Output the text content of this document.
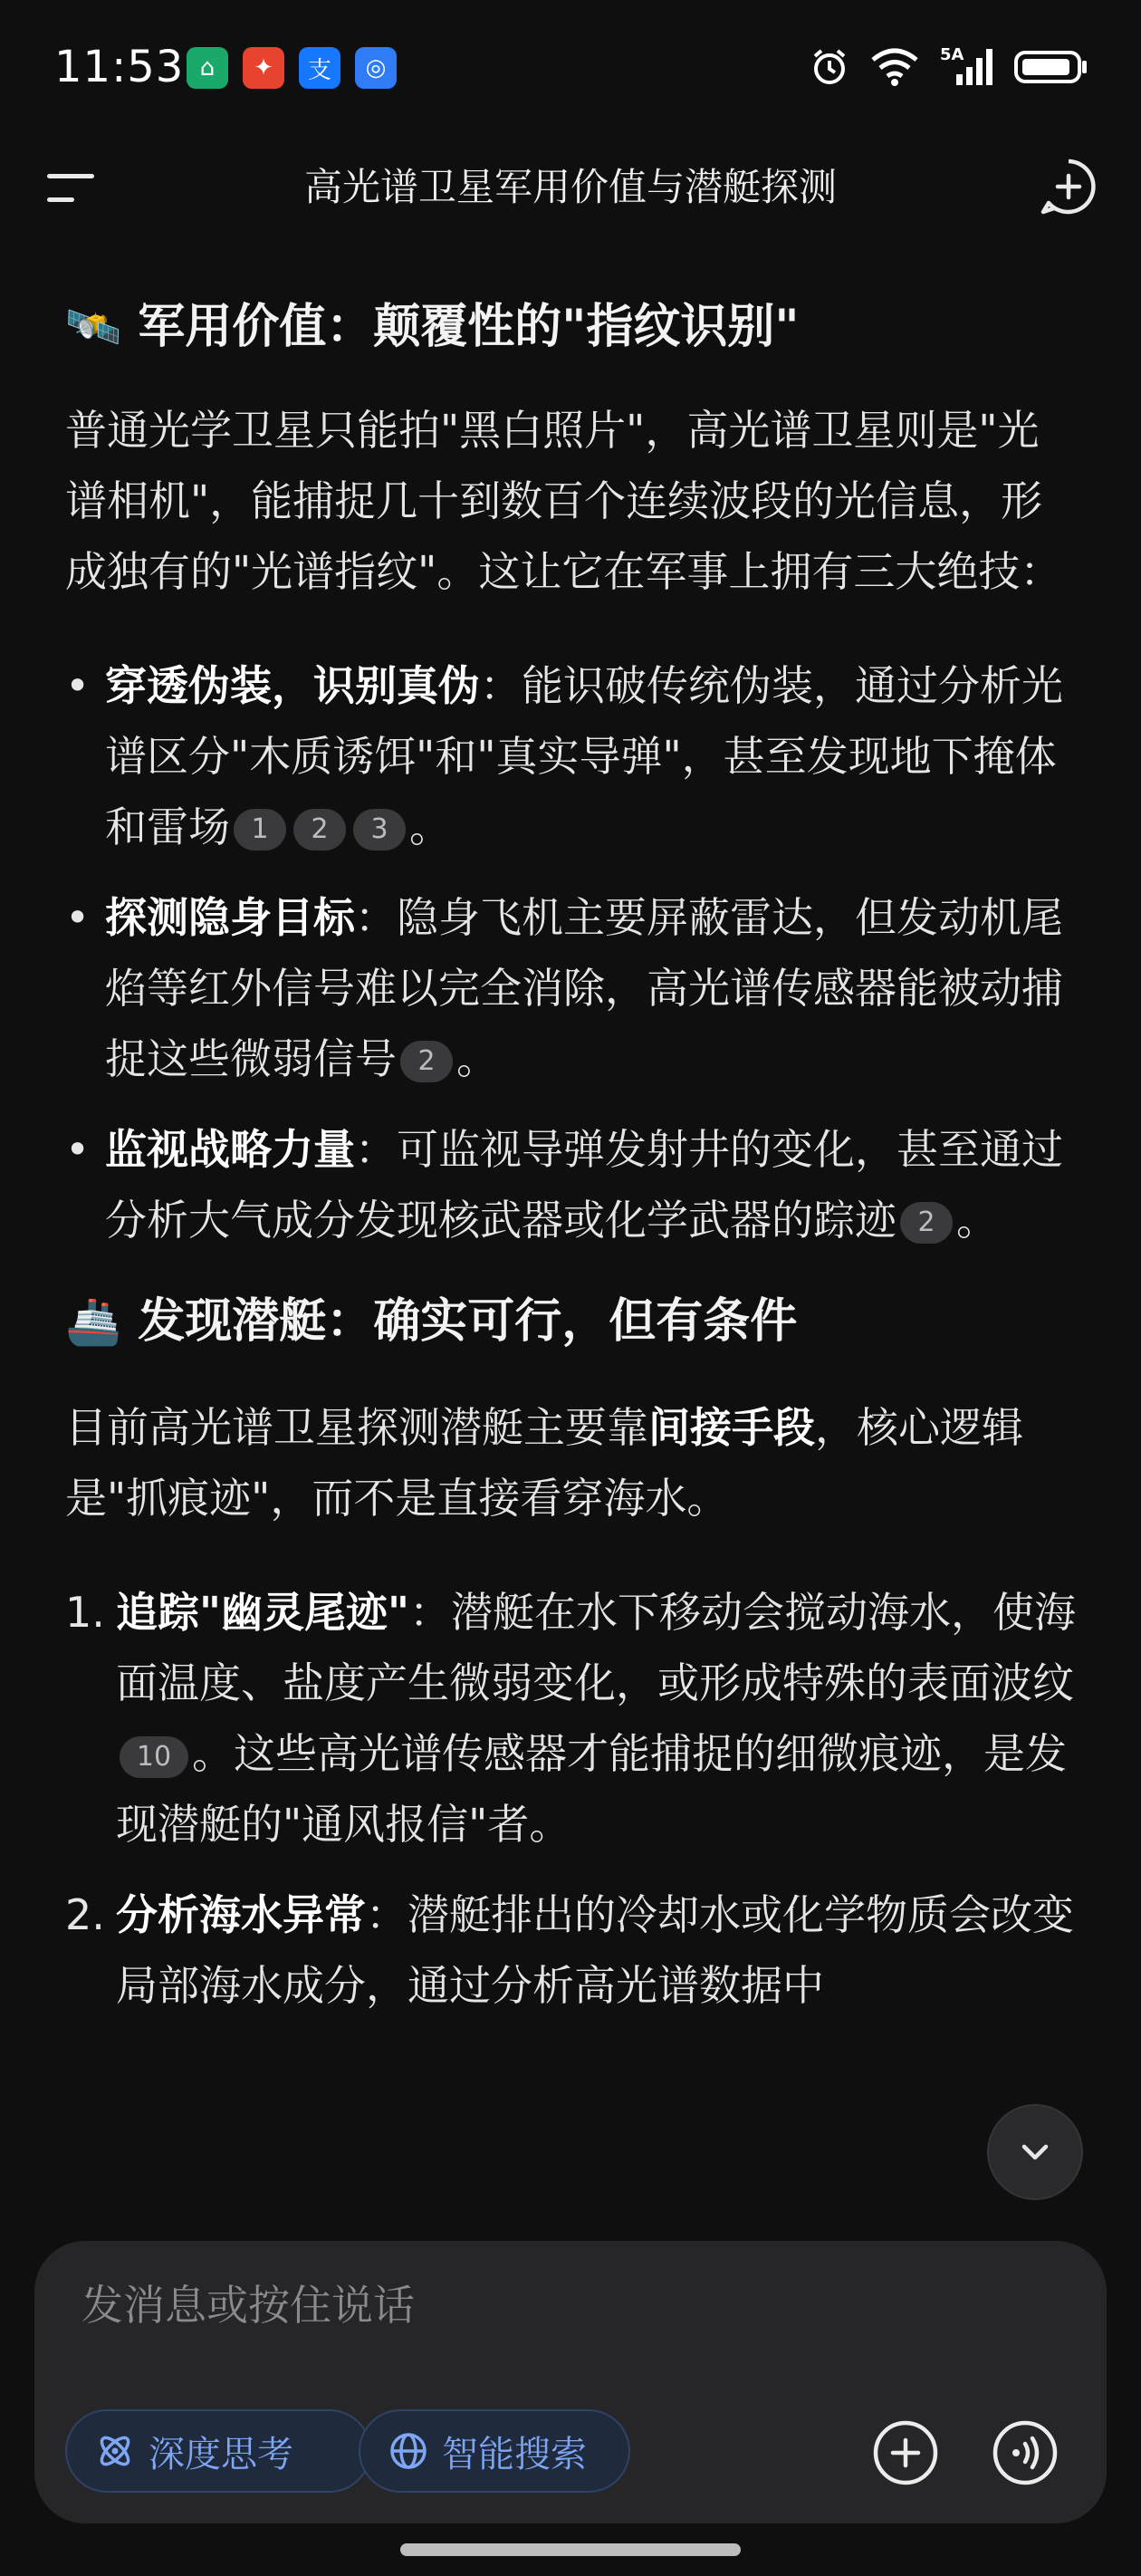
11:53 ⌂	✦	支	◎	5A
高光谱卫星军用价值与潜艇探测
🛰️ 军用价值：颠覆性的"指纹识别"

普通光学卫星只能拍"黑白照片"，高光谱卫星则是"光谱相机"，能捕捉几十到数百个连续波段的光信息，形成独有的"光谱指纹"。这让它在军事上拥有三大绝技：

• 穿透伪装，识别真伪：能识破传统伪装，通过分析光谱区分"木质诱饵"和"真实导弹"，甚至发现地下掩体和雷场 1 2 3 。
• 探测隐身目标：隐身飞机主要屏蔽雷达，但发动机尾焰等红外信号难以完全消除，高光谱传感器能被动捕捉这些微弱信号 2 。
• 监视战略力量：可监视导弹发射井的变化，甚至通过分析大气成分发现核武器或化学武器的踪迹 2 。
🚢 发现潜艇：确实可行，但有条件

目前高光谱卫星探测潜艇主要靠间接手段，核心逻辑是"抓痕迹"，而不是直接看穿海水。

1. 追踪"幽灵尾迹"：潜艇在水下移动会搅动海水，使海面温度、盐度产生微弱变化，或形成特殊的表面波纹10 。这些高光谱传感器才能捕捉的细微痕迹，是发现潜艇的"通风报信"者。
2. 分析海水异常：潜艇排出的冷却水或化学物质会改变局部海水成分，通过分析高光谱数据中
发消息或按住说话
深度思考	智能搜索
